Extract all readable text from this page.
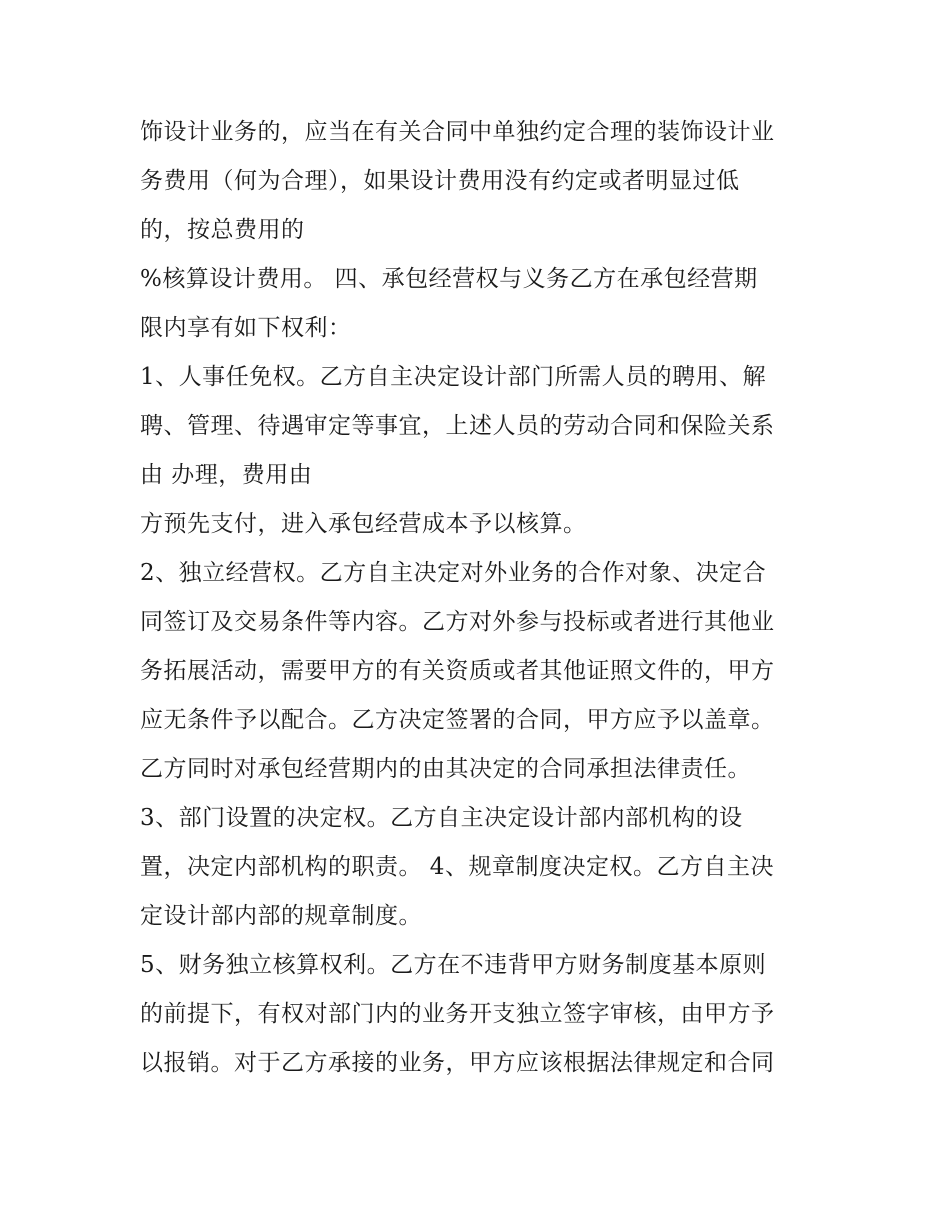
饰设计业务的，应当在有关合同中单独约定合理的装饰设计业
务费用（何为合理），如果设计费用没有约定或者明显过低
的，按总费用的
%核算设计费用。 四、承包经营权与义务乙方在承包经营期
限内享有如下权利：
1、人事任免权。乙方自主决定设计部门所需人员的聘用、解
聘、管理、待遇审定等事宜，上述人员的劳动合同和保险关系
由 办理，费用由
方预先支付，进入承包经营成本予以核算。
2、独立经营权。乙方自主决定对外业务的合作对象、决定合
同签订及交易条件等内容。乙方对外参与投标或者进行其他业
务拓展活动，需要甲方的有关资质或者其他证照文件的，甲方
应无条件予以配合。乙方决定签署的合同，甲方应予以盖章。
乙方同时对承包经营期内的由其决定的合同承担法律责任。
3、部门设置的决定权。乙方自主决定设计部内部机构的设
置，决定内部机构的职责。 4、规章制度决定权。乙方自主决
定设计部内部的规章制度。
5、财务独立核算权利。乙方在不违背甲方财务制度基本原则
的前提下，有权对部门内的业务开支独立签字审核，由甲方予
以报销。对于乙方承接的业务，甲方应该根据法律规定和合同
